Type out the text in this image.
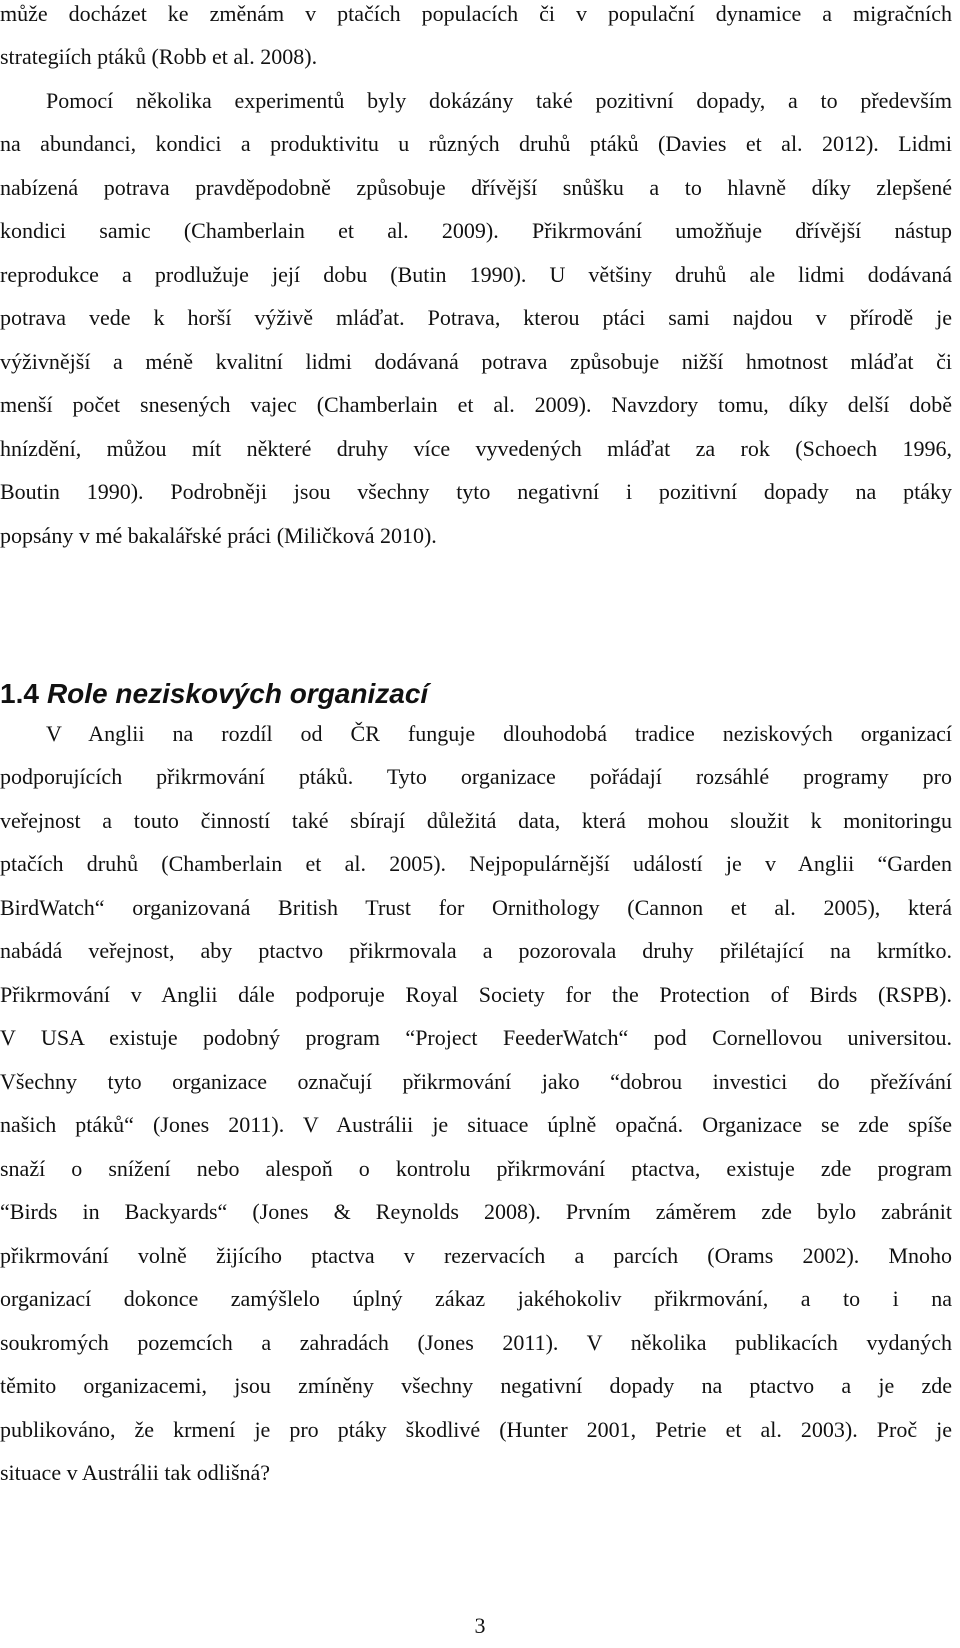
může docházet ke změnám v ptačích populacích či v populační dynamice a migračních

strategiích ptáků (Robb et al. 2008).

Pomocí několika experimentů byly dokázány také pozitivní dopady, a to především

na abundanci, kondici a produktivitu u různých druhů ptáků (Davies et al. 2012). Lidmi

nabízená potrava pravděpodobně způsobuje dřívější snůšku a to hlavně díky zlepšené

kondici samic (Chamberlain et al. 2009). Přikrmování umožňuje dřívější nástup

reprodukce a prodlužuje její dobu (Butin 1990). U většiny druhů ale lidmi dodávaná

potrava vede k horší výživě mláďat. Potrava, kterou ptáci sami najdou v přírodě je

výživnější a méně kvalitní lidmi dodávaná potrava způsobuje nižší hmotnost mláďat či

menší počet snesených vajec (Chamberlain et al. 2009). Navzdory tomu, díky delší době

hnízdění, můžou mít některé druhy více vyvedených mláďat za rok (Schoech 1996,

Boutin 1990). Podrobněji jsou všechny tyto negativní i pozitivní dopady na ptáky

popsány v mé bakalářské práci (Miličková 2010).

1.4 Role neziskových organizací

V Anglii na rozdíl od ČR funguje dlouhodobá tradice neziskových organizací

podporujících přikrmování ptáků. Tyto organizace pořádají rozsáhlé programy pro

veřejnost a touto činností také sbírají důležitá data, která mohou sloužit k monitoringu

ptačích druhů (Chamberlain et al. 2005). Nejpopulárnější událostí je v Anglii “Garden

BirdWatch“ organizovaná British Trust for Ornithology (Cannon et al. 2005), která

nabádá veřejnost, aby ptactvo přikrmovala a pozorovala druhy přilétající na krmítko.

Přikrmování v Anglii dále podporuje Royal Society for the Protection of Birds (RSPB).

V USA existuje podobný program “Project FeederWatch“ pod Cornellovou universitou.

Všechny tyto organizace označují přikrmování jako “dobrou investici do přežívání

našich ptáků“ (Jones 2011). V Austrálii je situace úplně opačná. Organizace se zde spíše

snaží o snížení nebo alespoň o kontrolu přikrmování ptactva, existuje zde program

“Birds in Backyards“ (Jones & Reynolds 2008). Prvním záměrem zde bylo zabránit

přikrmování volně žijícího ptactva v rezervacích a parcích (Orams 2002). Mnoho

organizací dokonce zamýšlelo úplný zákaz jakéhokoliv přikrmování, a to i na

soukromých pozemcích a zahradách (Jones 2011). V několika publikacích vydaných

těmito organizacemi, jsou zmíněny všechny negativní dopady na ptactvo a je zde

publikováno, že krmení je pro ptáky škodlivé (Hunter 2001, Petrie et al. 2003). Proč je

situace v Austrálii tak odlišná?

3
